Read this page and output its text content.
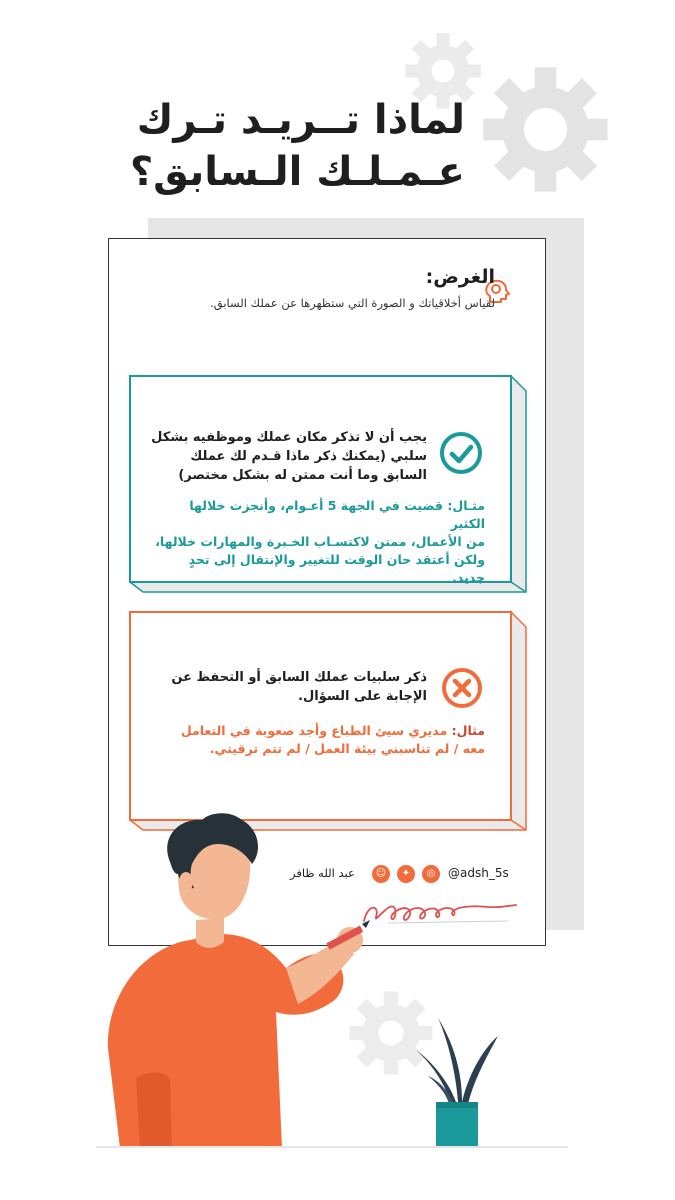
لماذا تــريـد تـرك
عـمـلـك الـسابق؟
الغرض:
لقياس أخلاقياتك و الصورة التي ستظهرها عن عملك السابق.
يجب أن لا تذكر مكان عملك وموظفيه بشكل
سلبي (يمكنك ذكر ماذا قـدم لك عملك
السابق وما أنت ممتن له بشكل مختصر)
مثـال: قضيت في الجهة 5 أعـوام، وأنجزت خلالها الكثير
من الأعمال، ممتن لاكتسـاب الخـبرة والمهارات خلالها،
ولكن أعتقد حان الوقت للتغيير والإنتقال إلى تحدٍ جديد.
ذكر سلبيات عملك السابق أو التحفظ عن
الإجابة على السؤال.
مثال: مديري سيئ الطباع وأجد صعوبة في التعامل
معه / لم تناسبني بيئة العمل / لم تتم ترقيتي.
@adsh_5s
◎
✦
☺
عبد الله ظافر
